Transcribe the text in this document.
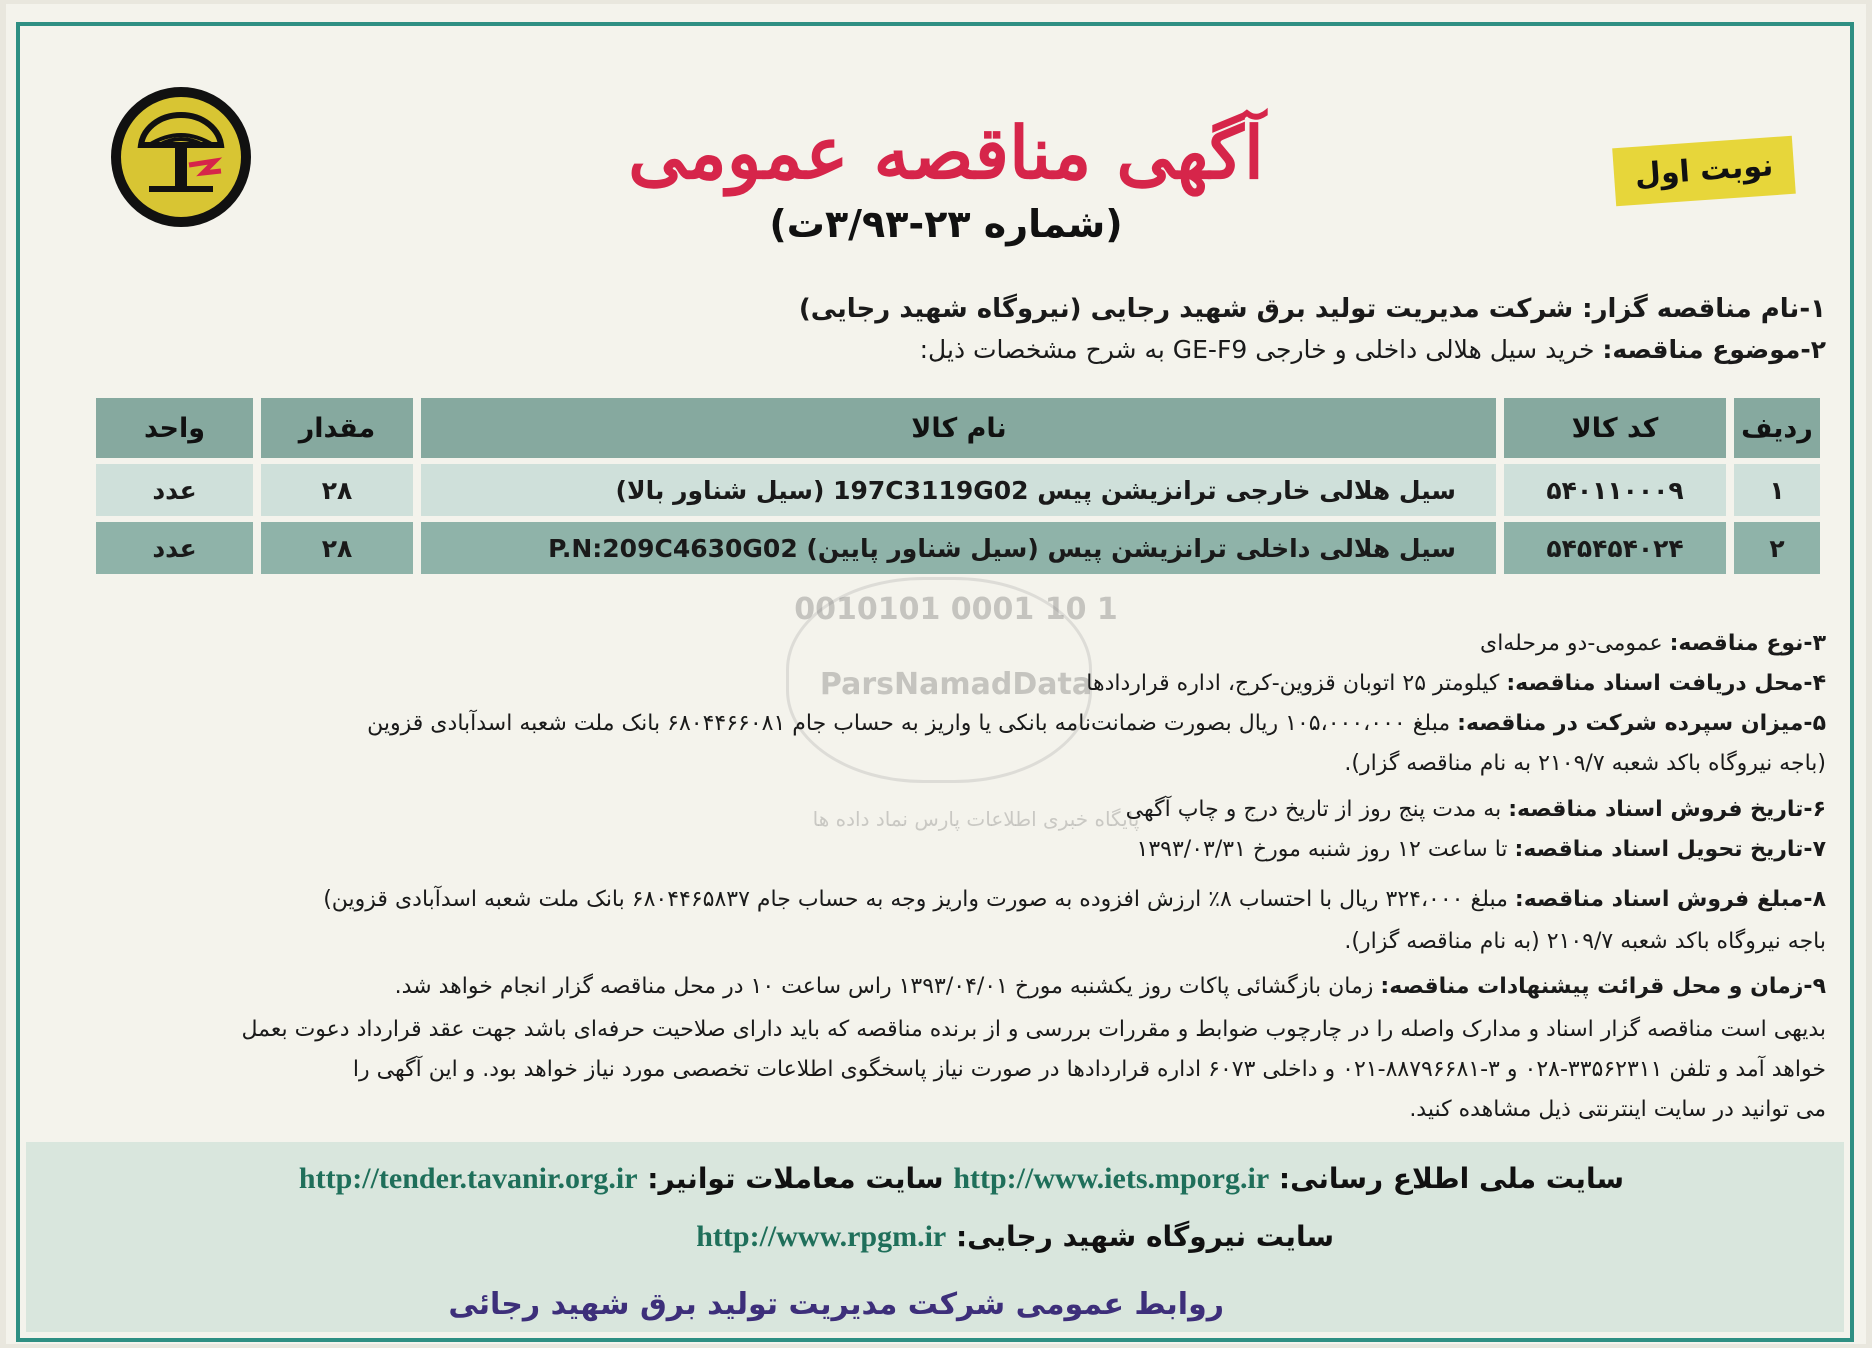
نوبت اول
آگهی مناقصه عمومی
(شماره ۲۳-۳/۹۳ت)
۱-نام مناقصه گزار: شرکت مدیریت تولید برق شهید رجایی (نیروگاه شهید رجایی)
۲-موضوع مناقصه: خرید سیل هلالی داخلی و خارجی GE-F9 به شرح مشخصات ذیل:
ردیف	کد کالا	نام کالا	مقدار	واحد
۱	۵۴۰۱۱۰۰۰۹	سیل هلالی خارجی ترانزیشن پیس 197C3119G02 (سیل شناور بالا)	۲۸	عدد
۲	۵۴۵۴۵۴۰۲۴	سیل هلالی داخلی ترانزیشن پیس (سیل شناور پایین) P.N:209C4630G02	۲۸	عدد
0010101 0001 10 1
ParsNamadData
پایگاه خبری اطلاعات پارس نماد داده ها
۳-نوع مناقصه: عمومی-دو مرحله‌ای
۴-محل دریافت اسناد مناقصه: کیلومتر ۲۵ اتوبان قزوین-کرج، اداره قراردادها
۵-میزان سپرده شرکت در مناقصه: مبلغ ۱۰۵،۰۰۰،۰۰۰ ریال بصورت ضمانت‌نامه بانکی یا واریز به حساب جام ۶۸۰۴۴۶۶۰۸۱ بانک ملت شعبه اسدآبادی قزوین
(باجه نیروگاه باکد شعبه ۲۱۰۹/۷ به نام مناقصه گزار).
۶-تاریخ فروش اسناد مناقصه: به مدت پنج روز از تاریخ درج و چاپ آگهی
۷-تاریخ تحویل اسناد مناقصه: تا ساعت ۱۲ روز شنبه مورخ ۱۳۹۳/۰۳/۳۱
۸-مبلغ فروش اسناد مناقصه: مبلغ ۳۲۴،۰۰۰ ریال با احتساب ۸٪ ارزش افزوده به صورت واریز وجه به حساب جام ۶۸۰۴۴۶۵۸۳۷ بانک ملت شعبه اسدآبادی قزوین)
باجه نیروگاه باکد شعبه ۲۱۰۹/۷ (به نام مناقصه گزار).
۹-زمان و محل قرائت پیشنهادات مناقصه: زمان بازگشائی پاکات روز یکشنبه مورخ ۱۳۹۳/۰۴/۰۱ راس ساعت ۱۰ در محل مناقصه گزار انجام خواهد شد.
بدیهی است مناقصه گزار اسناد و مدارک واصله را در چارچوب ضوابط و مقررات بررسی و از برنده مناقصه که باید دارای صلاحیت حرفه‌ای باشد جهت عقد قرارداد دعوت بعمل
خواهد آمد و تلفن ۳۳۵۶۲۳۱۱-۰۲۸ و ۳-۸۸۷۹۶۶۸۱-۰۲۱ و داخلی ۶۰۷۳ اداره قراردادها در صورت نیاز پاسخگوی اطلاعات تخصصی مورد نیاز خواهد بود. و این آگهی را
می توانید در سایت اینترنتی ذیل مشاهده کنید.
سایت ملی اطلاع رسانی: http://www.iets.mporg.ir سایت معاملات توانیر: http://tender.tavanir.org.ir
سایت نیروگاه شهید رجایی: http://www.rpgm.ir
روابط عمومی شرکت مدیریت تولید برق شهید رجائی
